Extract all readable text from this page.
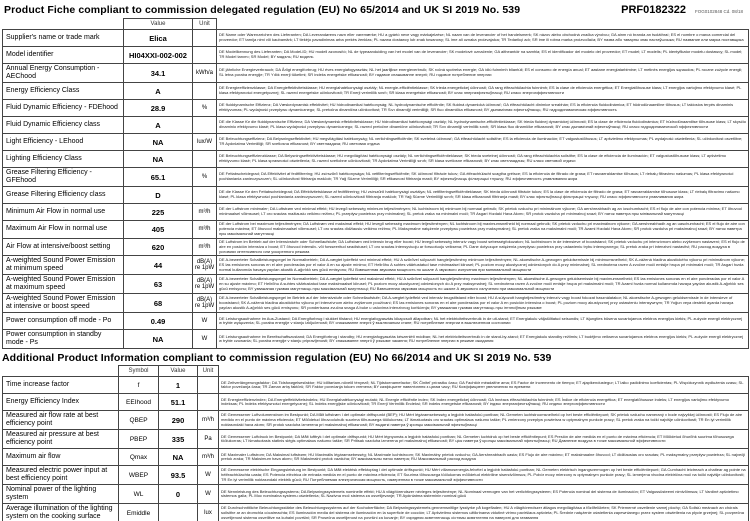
Product Fiche compliant to commission delegated regulation (EU) No 65/2014 and UK SI 2019 No. 539	PRF0182322 FOG0102848 Cd. 08/18
	Value	Unit	
Supplier's name or trade mark	Elica		DE Name oder Warenzeichen des Lieferanten; DA Leverandørens navn eller varemærke; HU a gyártó neve vagy márkajelzése; NL naam van de leverancier of het handelsmerk; SK názov alebo obchodná značka výrobcu; GA ainm nó branda an tsoláthraí; ES el nombre o marca comercial del proveedor; ET tarnija nimi või kaubamärk; LT tiekėjo pavadinimas arba prekės ženklas; PL nazwa dostawcy lub znak towarowy; SL ime ali oznaka proizvajalca; TR Tedarikçi adı; SR ime ili robna marka proizvođača; BY назва або таварны знак пастаўшчыка; RU название или марка поставщика
Model identifier	HI04XXI-002-002		DE Modellkennung des Lieferanten; DA Model-ID; HU modell azonosító; NL de typeaanduiding van het model van de leverancier; SK modelové označenie; GA aitheantóir na samhla; ES el identificador del modelo del proveedor; ET mudel; LT modelis; PL identyfikator modelu dostawcy; SL model; TR Model tanımı; SR Model; BY мадэль; RU модель
Annual Energy Consumption - AEChood	34.1	kWh/a	DE jährliche Energieverbrauch; DA Årligt energiforbrug; HU éves energiafogyasztás; NL het jaarlijkse energieverbruik; SK ročná spotreba energie; GA ídiú fuinnimh bliantúil; ES el consumo de energía anual; ET aastane energiatarbimine; LT metinės energijos sąnaudos; PL roczne zużycie energii; SL letna poraba energije; TR Yıllık enerji tüketimi; SR indeks energetske efikasnosti; BY гадавое спажыванне энергіі; RU годовое потребление энергии
Energy Efficiency Class	A		DE Energieeffizienzklasse; DA Energieffektivitetsklasse; HU energiahatékonysági osztály; NL energie-efficiëntieklasse; SK trieda energetickej účinnosti; GA rang éifeachtúlachta fuinnimh; ES la clase de eficiencia energética; ET Energiatõhususe klass; LT energijos vartojimo efektyvumo klasė; PL klasa efektywności energetycznej; SL razred energetske učinkovitosti; TR Enerji verimlilik sınıfı; SR klasa energetske efikasnosti; BY клас энергаэфектыўнасці; RU класс энергоэффективности
Fluid Dynamic Efficiency - FDEhood	28.9	%	DE fluiddynamische Effizienz; DA Væskedynamisk effektivitet; HU hidrodinamikai hatékonyság; NL hydrodynamische efficiëntie; SK fluidná dynamická účinnosť; GA éifeachtúlacht dinimice sreabhán; ES la eficiencia fluidodinámica; ET hüdrodünaamiline tõhusus; LT takiosios terpės dinaminis efektyvumas; PL wydajność przepływu dynamicznego; SL pretočna dinamična učinkovitost; TR Sıvı dinamiği verimliliği; SR fluo dinamička efikasnost; BY дынамічная эфектыўнасць; RU гидродинамическая эффективность
Fluid Dynamic Efficiency class	A		DE die Klasse für die fluiddynamische Effizienz; DA Væskedynamisk effektivitetsklasse; HU hidrodinamikai hatékonysági osztály; NL hydrodynamische-efficiëntieklasse; SK trieda fluidnej dynamickej účinnosti; ES la clase de eficiencia fluidodinámica; ET hüdrodünaamilise tõhususe klass; LT skysčio dinaminio efektyvumo klasė; PL klasa wydajności przepływu dynamicznego; SL razred pretočne dinamične učinkovitosti; TR Sıvı dinamiği verimlilik sınıfı; SR klasa fluo dinamičke efikasnosti; BY клас дынамічнай эфектыўнасці; RU класс гидродинамической эффективности
Light Efficiency - LEhood	NA	lux/W	DE Beleuchtungseffizienz; DA Belysningseffektivitet; HU megvilágítási hatékonyság; NL verlichtingsefficiëntie; SK svetelná účinnosť; GA éifeachtúlacht soilsithe; ES la eficiencia de iluminación; ET valgustustõhusus; LT apšvietimo efektyvumas; PL wydajność oświetlenia; SL učinkovitost osvetlitve; TR Aydınlatma Verimliliği; SR svetlosna efikasnost; BY светлаадача; RU световая отдача
Lighting Efficiency Class	NA		DE Beleuchtungseffizienzklasse; DA Belysningseffektivitetsklasse; HU megvilágítási hatékonysági osztály; NL verlichtingsefficiëntieklasse; SK trieda svetelnej účinnosti; GA rang éifeachtúlachta soilsithe; ES la clase de eficiencia de iluminación; ET valgustustõhususe klass; LT apšvietimo efektyvumo klasė; PL klasa sprawności oświetlenia; SL razred svetlobne učinkovitosti; TR Aydınlatma Verimliliği sınıfı; SR klasa svetlosne efikasnosti; BY клас светлаадачы; RU класс световой отдачи
Grease Filtering Efficiency - GFEhood	65.1	%	DE Fettabscheidegrad; DA Effektivitet af fedtfiltrering; HU zsírszűrő hatékonysága; NL vetfilteringsefficiëntie; SK účinnosť filtrácie tukov; GA éifeachtúlacht scagtha gréisce; ES la eficiencia de filtrado de grasa; ET rasvaeraldamise tõhusus; LT riebalų filtravimo našumas; PL klasa efektywności pochłaniania zanieczyszczeń; SL učinkovitost filtriranja maščob; TR Yağ Süzme Verimliliği; SR efikasnost filtriranja masti; BY эфектыўнасць фільтрацыі тлушчу; RU эффективность улавливания жира
Grease Filtering Efficiency class	D		DE die Klasse für den Fettabscheidegrad; DA Effektivitetsklasse af fedtfiltrering; HU zsírszűrő hatékonysági osztálya; NL vetfilteringsefficiëntieklasse; SK trieda účinnosti filtrácie tukov; ES la clase de eficiencia de filtrado de grasa; ET rasvaeraldamise tõhususe klass; LT riebalų filtravimo našumo klasė; PL klasa efektywności pochłaniania zanieczyszczeń; SL razred učinkovitosti filtriranja maščob; TR Yağ Süzme Verimliliği sınıfı; SR klasa efikasnosti filtriranja masti; BY клас эфектыўнасці фільтрацыі тлушчу; RU класс эффективности улавливания жира
Minimum Air Flow in normal use	225	m³/h	DE der Luftstrom minimaler; DA Luftstrøm ved minimal effekt; HU levegő sebesség minimum teljesítményen; NL luchtstroom bij minimum bij normaal gebruik; SK prietok vzduchu pri minimálnom výkone; GA aershreabhadh ag an íoschumhacht; ES el flujo de aire con potencia mínima; ET õhuvool minimaalsel võimsusel; LT oro srautas mažiausiu veikimo režimu; PL przepływ powietrza przy minimalnej; SL pretok zraka na minimalni moči; TR Asgari Hızdaki Hava Akımı; SR protok vazduha pri minimalnoj snazi; BY паток паветра пры мінімальнай магутнасці
Maximum Air Flow in normal use	405	m³/h	DE der Luftstrom bei maximum teljesítményen; DA Luftstrøm ved maksimal effekt; HU levegő sebesség maximum teljesítményen; NL luchtstroom bij maximumsnelheid bij normaal gebruik; SK prietok vzduchu pri maximálnom výkone; GA aershreabhadh ag an uaschumhacht; ES el flujo de aire con potencia máxima; ET õhuvool maksimaalsel võimsusel; LT oro srautas didžiausiu veikimo režimu; PL Maksymalne natężenie przepływu powietrza przy maksymalnej; SL pretok zraka na maksimalni moči; TR Azami Hızdaki Hava Akımı; SR protok vazduha pri maksimalnoj snazi; BY паток паветра пры максімальнай магутнасці
Air Flow at intensive/boost setting	620	m³/h	DE Luftstrom im Betrieb auf der Intensivstufe oder Schnellaufstufe; DA Luftstrøm ved intensiv brug eller boost; HU levegő sebesség intenzív vagy boost sebességfokozaton; NL luchtstroom in de intensieve of booststand; SK prietok vzduchu pri intenzívnom alebo zvýšenom nastavení; ES el flujo de aire en posición intensiva o boost; ET õhuvool intensiiv- või forsseeritud seadistusel; LT oro srautas intensyviuoju ar forsuotuoju veiksena; PL Dane dotyczące natężenia przepływu powietrza przy ustawieniu trybu intensywnego; SL pretok zraka pri intenzivni nastavitvi; RU расход воздуха в условиях интенсивного или ускоренного режима
A-weighted Sound Power Emission at minimum speed	44	dB(A) re 1pW	DE A-bewerteter Schallleistungspegel im Normalbetrieb; DA A-vægtet lydeffekt ved minimal effekt; HU A szűrővel súlyozott hangteljesítmény minimum teljesítményen; NL akoestische A-gewogen geluidsemissie bij minimumsnelheid; SK A-vážená hladina akustického výkonu pri minimálnom výkone; ES las emisiones sonoras en el aire ponderadas por el valor A en su ajuste mínimo; ET Helirõhu A suhtes väärtustatud tase minimaalsel kiirusel; PL poziom mocy akustycznej odniesionych do A przy minimalnej; SL vrednotena raven A zvočne moči emisije hrupa pri minimalni moči; TR Asgari hızda normal kullanımda havaya yayılan akustik A-ağırlıklı ses gücü emisyonu; RU Взвешенная звуковая мощность по шкале А звукового излучения при минимальной мощности
A-weighted Sound Power Emission at maximum speed	63	dB(A) re 1pW	DE A-bewerteter Schallleistungspegel im Normalbetrieb; DA A-vægtet lydeffekt ved maksimal effekt; HU A szűrővel súlyozott hangteljesítmény maximum teljesítményen; NL akoestische A-gewogen geluidsemissie bij maximumsnelheid; ES las emisiones sonoras en el aire ponderadas por el valor A en su ajuste máximo; ET Helirõhu A suhtes väärtustatud tase maksimaalsel kiirusel; PL poziom mocy akustycznej odniesionych do A przy maksymalnej; SL vrednotena raven A zvočne moči emisije hrupa pri maksimalni moči; TR Azami hızda normal kullanımda havaya yayılan akustik A-ağırlıklı ses gücü emisyonu; BY узважаная гукавая магутнасць пры максімальнай магутнасці; RU Взвешенная звуковая мощность по шкале А звукового излучения при максимальной мощности
A-weighted Sound Power Emission at intensive or boost speed	68	dB(A) re 1pW	DE A-bewerteter Schallleistungspegel im Betrieb auf der Intensivstufe oder Schnellaufstufe; DA A-vægtet lydeffekt ved intensiv brugstilstand eller boost; HU A súlyozott hangteljesítmény intenzív vagy boost fokozat használatakor; NL akoestische A-gewogen geluidsemissie in de intensieve of booststand; SK A-vážená hladina akustického výkonu pri intenzívnom alebo zvýšenom používaní; ES las emisiones sonoras en el aire ponderadas por el valor A en posición intensiva o boost; PL poziom mocy akustycznej przy ustawieniu intensywnym; TR Yoğun veya destekli ayarda havaya yayılan akustik A-ağırlıklı ses gücü emisyonu; SR ponderisana zvučna snaga A buke u uslovima intenzivnog korišćenja; BY узважаная гукавая магутнасць пры інтэнсіўным рэжыме
Power consumption off mode - Po	0.49	W	DE Leistungsaufnahme im Aus-Zustand; DA Energiforbrug i slukket tilstand; HU energiafogyasztás kikapcsolt állapotban; NL het elektriciteitsverbruik in de uit-stand; ET Energiakulu väljalülitatud seisundis; LT išjungties būsena suvartojamos elektros energijos kiekis; PL zużycie energii elektrycznej w trybie wyłączenia; SL poraba energije v stanju izključenosti; BY спажыванне энергіі ў выключаным стане; RU потребление энергии в выключенном состоянии
Power consumption in standby mode - Ps	NA	W	DE Leistungsaufnahme im Bereitschaftszustand; DA Energiforbrug i standby; HU energiafogyasztás készenléti módban; NL het elektriciteitsverbruik in de stand-by-stand; ET Energiakulu standby režiimis; LT budėjimo veiksena suvartojamos elektros energijos kiekis; PL zużycie energii elektrycznej w trybie czuwania; SL poraba energije v stanju pripravljenosti; BY спажыванне энергіі ў рэжыме чакання; RU потребление энергии в режиме ожидания
Additional Product Information compliant to commission regulation (EU) No 66/2014 and UK SI 2019 No. 539
	Symbol	Value	Unit	
Time increase factor	f	1		DE Zeitverlängerungsfaktor; DA Tidsforøgelsesfaktor; HU időtartam-növelő tényező; NL Tijdstoenamefactor; SK Činiteľ prírastku času; GA Fachtóir méadaithe ama; ES Factor de incremento de tiempo; ET ajapikendustegur; LT laiko padidinimo koeficientas; PL Współczynnik wydłużenia czasu; SL faktor povečanja časa; TR Zaman artış faktörü; SR Faktor povećanja tokom vremena; BY каэфіцыент павелічэння з цягам часу; RU Коэффициент увеличения по времени
Energy Efficiency Index	EEIhood	51.1		DE Energieeffizienzindex; DA Energieffektivitetsindeks; HU Energiahatékonysági mutató; NL Energie efficiëntie index; SK Index energetickej účinnosti; GA Innéacs éifeachtúlachta fuinnimh; ES Índice de eficiencia energética; ET energiatõhususe indeks; LT energijos vartojimo efektyvumo indeksas; PL Indeks efektywności energetycznej; SL Indeks energijske učinkovitosti; TR Enerji Verimlilik Endeksi; SR indeks energetske efikasnosti; BY індэкс энергаэфектыўнасці; RU индекс энергоэффективности
Measured air flow rate at best efficiency point	QBEP	290	m³/h	DE Gemessener Luftvolumenstrom im Bestpunkt; DA Målt luftstrøm i det optimale driftspunkt (BEP); HU Mért légáramsebesség a legjobb hatásfokú pontban; NL Gemeten luchtstroomsnelheid op het beste efficiëntiepunt; SK prietok vzduchu nameraný v bode najvyššej účinnosti; ES Flujo de aire medido en el punto de máxima eficiencia; ET Mõõdetud õhuvooluhulk suurima tõhususega töölukorras; LT išmatuotasis oro srautas optimalaus našumo taške; PL zmierzony przepływ powietrza w optymalnym punkcie pracy; SL pretok zraka na točki najvišje učinkovitosti; TR En iyi verimlilik noktasındaki hava akımı; SR protok vazduha izmerena pri maksimalnoj efikasnosti; BY выдаткі паветра ў кропцы максімальнай эфектыўнасці
Measured air pressure at best efficiency point	PBEP	335	Pa	DE Gemessener Luftdruck im Bestpunkt; DA Målt lufttryk i det optimale driftspunkt; HU Mért légnyomás a legjobb hatásfokú pontban; NL Gemeten luchtdruk op het beste efficiëntiepunt; ES Presión de aire medida en el punto de máxima eficiencia; ET Mõõdetud õhurõhk suurima tõhususega töölukorras; LT išmatuotasis statinis slėgis optimalaus našumo taške; SR Pritisak vazduha izmerena pri maksimalnoj efikasnosti; BY ціск паветра ў кропцы максімальнай эфектыўнасці; RU Давление воздуха в точке максимальной эффективности
Maximum air flow	Qmax	NA	m³/h	DE Maximaler Luftstrom; DA Maksimal luftstrøm; HU Maximális légáramsebesség; NL Maximale luchtstroom; SK Maximálny prietok vzduchu; GA Aershreabhadh uasta; ES Flujo de aire máximo; ET maksimaalne õhuvool; LT didžiausias oro srautas; PL maksymalny przepływ powietrza; SL največji pretok zraka; TR Maksimum hava akımı; SR Maksimalni protok vazduha; BY максімальны паток паветра; RU Максимальный расход воздуха
Measured electric power input at best efficiency point	WBEP	93.5	W	DE Gemessene elektrische Eingangsleistung im Bestpunkt; DA Målt elektrisk effektoptag i det optimale driftspunkt; HU Mért villamosenergia-felvétel a legjobb hatásfokú pontban; NL Gemeten elektrisch ingangsvermogen op het beste efficiëntiepunt; GA Cumhacht leictreach a chaitear ag pointe na héifeachtúlachta uasta; ES Potencia eléctrica de entrada medida en el punto de máxima eficiencia; ET Suurima tõhususega töölukorras mõõdetud elektriline sisendvõimsus; PL Pobór mocy mierzony w optymalnym punkcie pracy; SL izmerjena vhodna električna moč na točki najvišje učinkovitosti; TR En iyi verimlilik noktasındaki elektrik gücü; RU Потребляемая электрическая мощность, измеренная в точке максимальной эффективности
Nominal power of the lighting system	WL	0	W	DE Nennleistung des Beleuchtungssystems; DA Belysningssystemets nominelle effekt; HU A világítórendszer névleges teljesítménye; NL Nominaal vermogen van het verlichtingssysteem; ES Potencia nominal del sistema de iluminación; ET Valgussüsteemi nimivõimsus; LT Vardinė apšvietimo sistemos galia; PL Moc nominalna systemu oświetlenia; SL Nazivna moč sistema za osvetljevanje; TR Aydınlatma sisteminin nominal gücü
Average illumination of the lighting system on the cooking surface	Emiddle		lux	DE Durchschnittliche Beleuchtungsstärke des Beleuchtungssystems auf der Kochoberfläche; DA Belysningssystemets gennemsnitlige lysstyrke på kogefladen; HU A világítórendszer átlagos megvilágítása a főzőfelületen; SK Priemerné osvetlenie varnej plochy; GA Soilsiú meánach an chórais soilsithe ar an dromchla cócaireachta; ES Iluminación media del sistema de iluminación en la superficie de cocción; LT Apšvietimo sistemos užtikrinama vidutinė virimo paviršiaus apšvieta; PL Średnie natężenie oświetlenia zapewnianego przez system oświetlenia na płycie grzejnej; SL povprečna osvetljenost sistema osvetlitve na kuhalni površini; SR Prosečna osvetljenost na površini za kuvanje; BY сярэдняя асветленасць сістэмы асвятлення на паверхні для гатавання
